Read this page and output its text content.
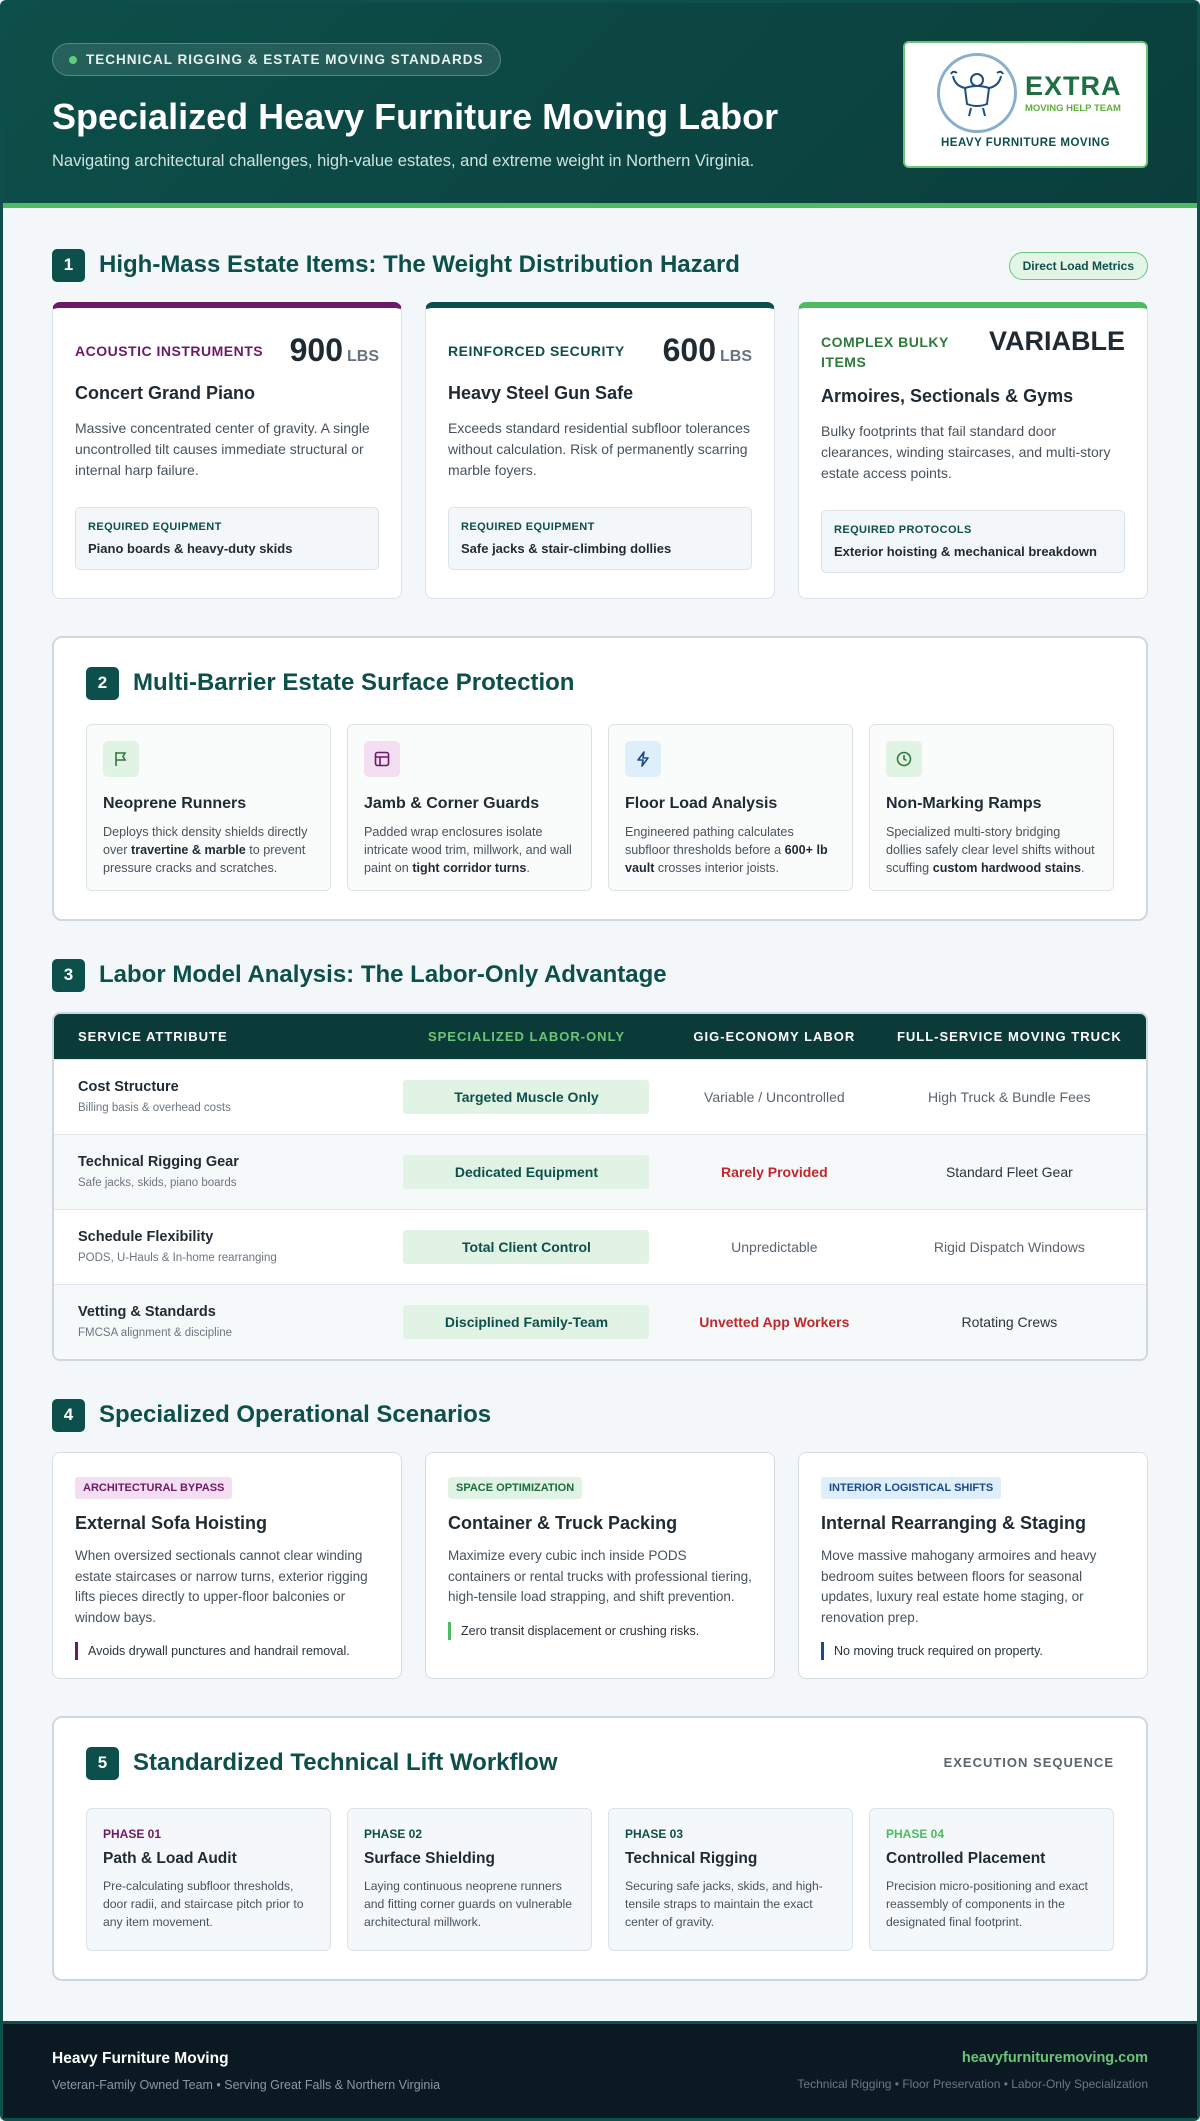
TECHNICAL RIGGING & ESTATE MOVING STANDARDS
Specialized Heavy Furniture Moving Labor

Navigating architectural challenges, high-value estates, and extreme weight in Northern Virginia.

EXTRA
MOVING HELP TEAM
HEAVY FURNITURE MOVING
1	High-Mass Estate Items: The Weight Distribution Hazard	Direct Load Metrics
ACOUSTIC INSTRUMENTS 900 LBS
Concert Grand Piano
Massive concentrated center of gravity. A single uncontrolled tilt causes immediate structural or internal harp failure.
REQUIRED EQUIPMENT
Piano boards & heavy-duty skids
REINFORCED SECURITY 600 LBS
Heavy Steel Gun Safe
Exceeds standard residential subfloor tolerances without calculation. Risk of permanently scarring marble foyers.
REQUIRED EQUIPMENT
Safe jacks & stair-climbing dollies
COMPLEX BULKY ITEMS
VARIABLE
Armoires, Sectionals & Gyms
Bulky footprints that fail standard door clearances, winding staircases, and multi-story estate access points.
REQUIRED PROTOCOLS
Exterior hoisting & mechanical breakdown
2	Multi-Barrier Estate Surface Protection
Neoprene Runners
Deploys thick density shields directly over travertine & marble to prevent pressure cracks and scratches.
Jamb & Corner Guards
Padded wrap enclosures isolate intricate wood trim, millwork, and wall paint on tight corridor turns.
Floor Load Analysis
Engineered pathing calculates subfloor thresholds before a 600+ lb vault crosses interior joists.
Non-Marking Ramps
Specialized multi-story bridging dollies safely clear level shifts without scuffing custom hardwood stains.
3	Labor Model Analysis: The Labor-Only Advantage
SERVICE ATTRIBUTE	SPECIALIZED LABOR-ONLY	GIG-ECONOMY LABOR	FULL-SERVICE MOVING TRUCK

Cost Structure
Billing basis & overhead costs	Targeted Muscle Only	Variable / Uncontrolled	High Truck & Bundle Fees

Technical Rigging Gear
Safe jacks, skids, piano boards	Dedicated Equipment	Rarely Provided	Standard Fleet Gear

Schedule Flexibility
PODS, U-Hauls & In-home rearranging	Total Client Control	Unpredictable	Rigid Dispatch Windows

Vetting & Standards
FMCSA alignment & discipline	Disciplined Family-Team	Unvetted App Workers	Rotating Crews
4	Specialized Operational Scenarios
ARCHITECTURAL BYPASS
External Sofa Hoisting
When oversized sectionals cannot clear winding estate staircases or narrow turns, exterior rigging lifts pieces directly to upper-floor balconies or window bays.
Avoids drywall punctures and handrail removal.
SPACE OPTIMIZATION
Container & Truck Packing
Maximize every cubic inch inside PODS containers or rental trucks with professional tiering, high-tensile load strapping, and shift prevention.
Zero transit displacement or crushing risks.
INTERIOR LOGISTICAL SHIFTS
Internal Rearranging & Staging
Move massive mahogany armoires and heavy bedroom suites between floors for seasonal updates, luxury real estate home staging, or renovation prep.
No moving truck required on property.
5	Standardized Technical Lift Workflow	EXECUTION SEQUENCE
PHASE 01
Path & Load Audit
Pre-calculating subfloor thresholds, door radii, and staircase pitch prior to any item movement.
PHASE 02
Surface Shielding
Laying continuous neoprene runners and fitting corner guards on vulnerable architectural millwork.
PHASE 03
Technical Rigging
Securing safe jacks, skids, and high-tensile straps to maintain the exact center of gravity.
PHASE 04
Controlled Placement
Precision micro-positioning and exact reassembly of components in the designated final footprint.
Heavy Furniture Moving
Veteran-Family Owned Team • Serving Great Falls & Northern Virginia
heavyfurnituremoving.com
Technical Rigging • Floor Preservation • Labor-Only Specialization
